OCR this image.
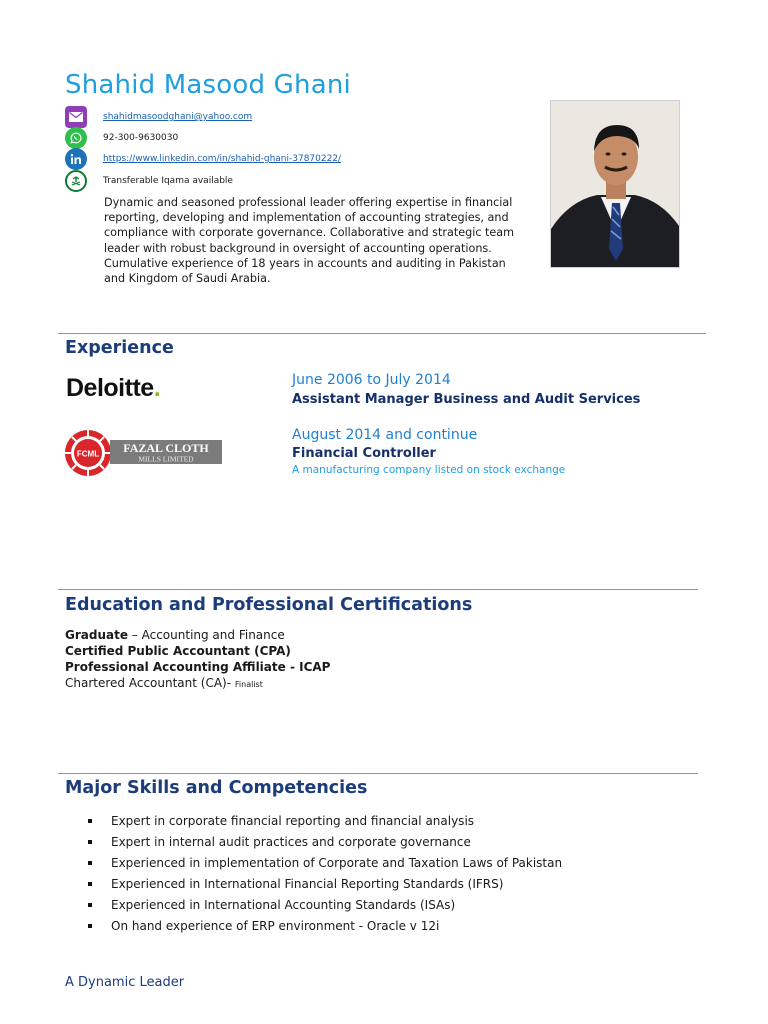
Shahid Masood Ghani
shahidmasoodghani@yahoo.com
92-300-9630030
https://www.linkedin.com/in/shahid-ghani-37870222/
Transferable Iqama available

Dynamic and seasoned professional leader offering expertise in financial reporting, developing and implementation of accounting strategies, and compliance with corporate governance. Collaborative and strategic team leader with robust background in oversight of accounting operations. Cumulative experience of 18 years in accounts and auditing in Pakistan and Kingdom of Saudi Arabia.

Experience
Deloitte.
FCML FAZAL CLOTH
MILLS LIMITED
June 2006 to July 2014
Assistant Manager Business and Audit Services
August 2014 and continue
Financial Controller
A manufacturing company listed on stock exchange
Education and Professional Certifications
Graduate – Accounting and Finance
Certified Public Accountant (CPA)
Professional Accounting Affiliate - ICAP
Chartered Accountant (CA)- Finalist
Major Skills and Competencies
Expert in corporate financial reporting and financial analysis
Expert in internal audit practices and corporate governance
Experienced in implementation of Corporate and Taxation Laws of Pakistan
Experienced in International Financial Reporting Standards (IFRS)
Experienced in International Accounting Standards (ISAs)
On hand experience of ERP environment - Oracle v 12i
A Dynamic Leader
